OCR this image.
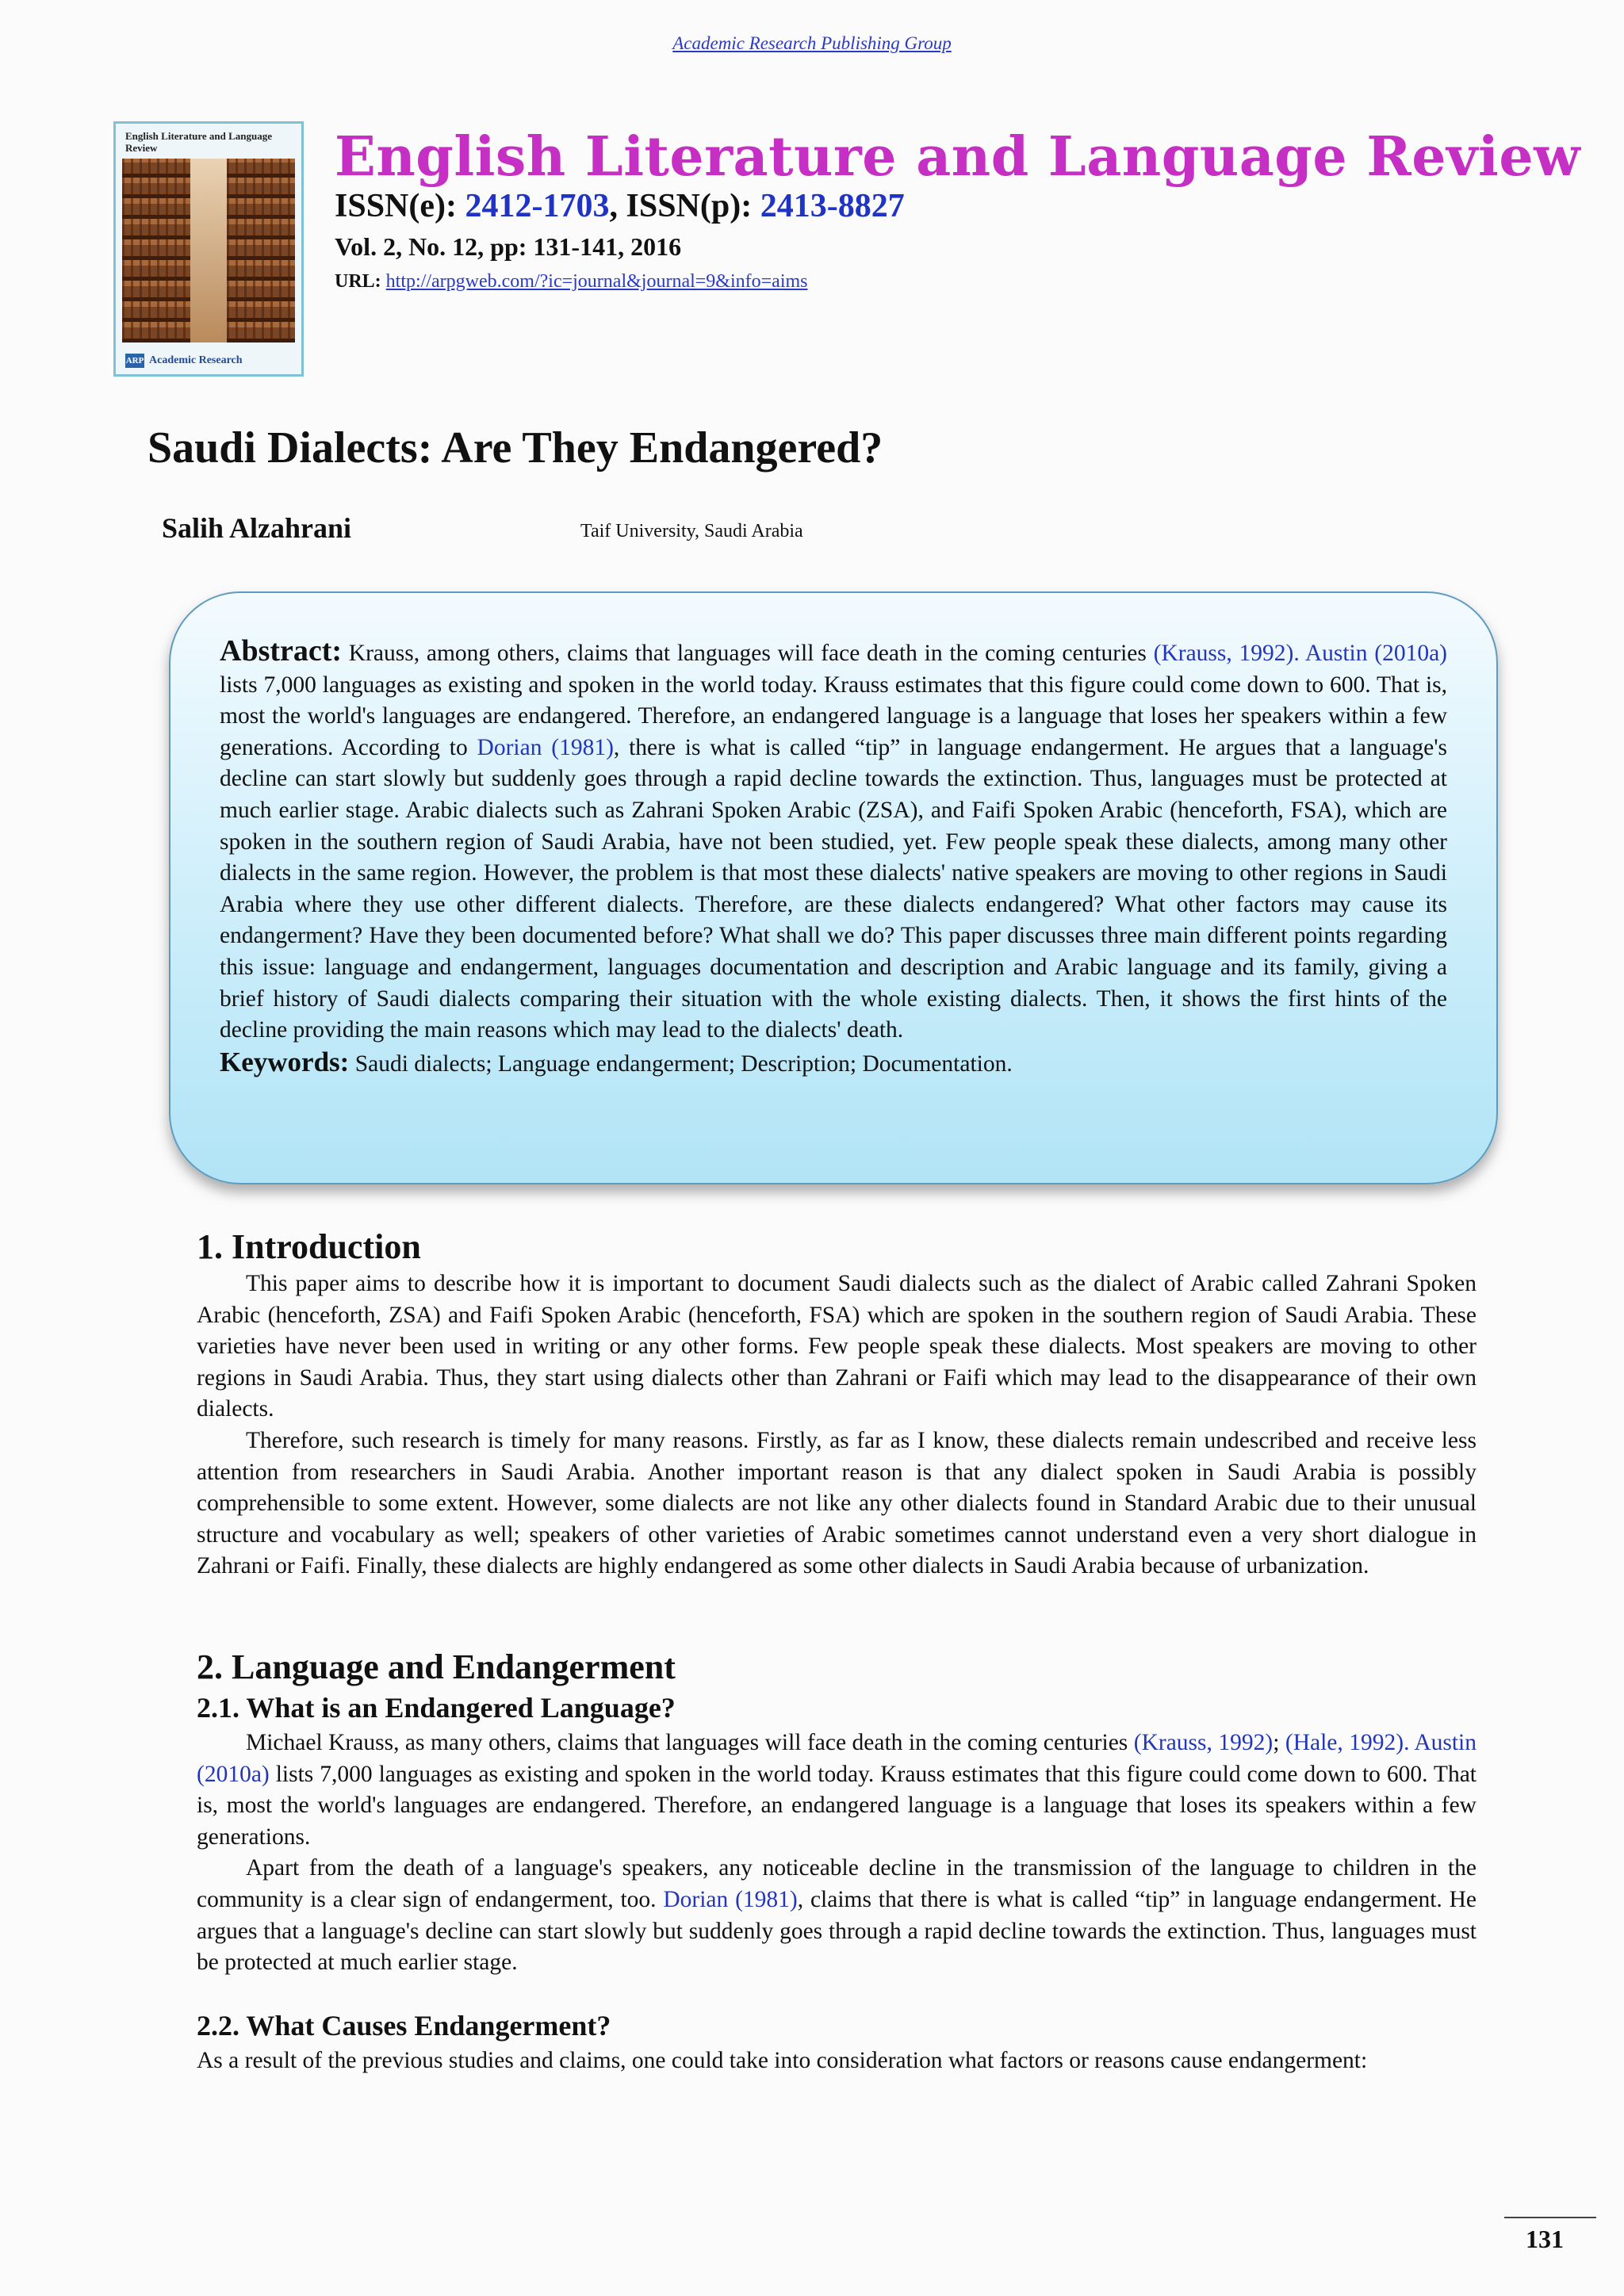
Academic Research Publishing Group
English Literature and Language Review
ARP Academic Research
English Literature and Language Review
ISSN(e): 2412-1703, ISSN(p): 2413-8827
Vol. 2, No. 12, pp: 131-141, 2016
URL: http://arpgweb.com/?ic=journal&journal=9&info=aims
Saudi Dialects: Are They Endangered?
Salih Alzahrani	Taif University, Saudi Arabia
Abstract: Krauss, among others, claims that languages will face death in the coming centuries (Krauss, 1992). Austin (2010a) lists 7,000 languages as existing and spoken in the world today. Krauss estimates that this figure could come down to 600. That is, most the world's languages are endangered. Therefore, an endangered language is a language that loses her speakers within a few generations. According to Dorian (1981), there is what is called “tip” in language endangerment. He argues that a language's decline can start slowly but suddenly goes through a rapid decline towards the extinction. Thus, languages must be protected at much earlier stage. Arabic dialects such as Zahrani Spoken Arabic (ZSA), and Faifi Spoken Arabic (henceforth, FSA), which are spoken in the southern region of Saudi Arabia, have not been studied, yet. Few people speak these dialects, among many other dialects in the same region. However, the problem is that most these dialects' native speakers are moving to other regions in Saudi Arabia where they use other different dialects. Therefore, are these dialects endangered? What other factors may cause its endangerment? Have they been documented before? What shall we do? This paper discusses three main different points regarding this issue: language and endangerment, languages documentation and description and Arabic language and its family, giving a brief history of Saudi dialects comparing their situation with the whole existing dialects. Then, it shows the first hints of the decline providing the main reasons which may lead to the dialects' death.
Keywords: Saudi dialects; Language endangerment; Description; Documentation.
1. Introduction

This paper aims to describe how it is important to document Saudi dialects such as the dialect of Arabic called Zahrani Spoken Arabic (henceforth, ZSA) and Faifi Spoken Arabic (henceforth, FSA) which are spoken in the southern region of Saudi Arabia. These varieties have never been used in writing or any other forms. Few people speak these dialects. Most speakers are moving to other regions in Saudi Arabia. Thus, they start using dialects other than Zahrani or Faifi which may lead to the disappearance of their own dialects.

Therefore, such research is timely for many reasons. Firstly, as far as I know, these dialects remain undescribed and receive less attention from researchers in Saudi Arabia. Another important reason is that any dialect spoken in Saudi Arabia is possibly comprehensible to some extent. However, some dialects are not like any other dialects found in Standard Arabic due to their unusual structure and vocabulary as well; speakers of other varieties of Arabic sometimes cannot understand even a very short dialogue in Zahrani or Faifi. Finally, these dialects are highly endangered as some other dialects in Saudi Arabia because of urbanization.

2. Language and Endangerment
2.1. What is an Endangered Language?

Michael Krauss, as many others, claims that languages will face death in the coming centuries (Krauss, 1992); (Hale, 1992). Austin (2010a) lists 7,000 languages as existing and spoken in the world today. Krauss estimates that this figure could come down to 600. That is, most the world's languages are endangered. Therefore, an endangered language is a language that loses its speakers within a few generations.

Apart from the death of a language's speakers, any noticeable decline in the transmission of the language to children in the community is a clear sign of endangerment, too. Dorian (1981), claims that there is what is called “tip” in language endangerment. He argues that a language's decline can start slowly but suddenly goes through a rapid decline towards the extinction. Thus, languages must be protected at much earlier stage.

2.2. What Causes Endangerment?

As a result of the previous studies and claims, one could take into consideration what factors or reasons cause endangerment:

131
